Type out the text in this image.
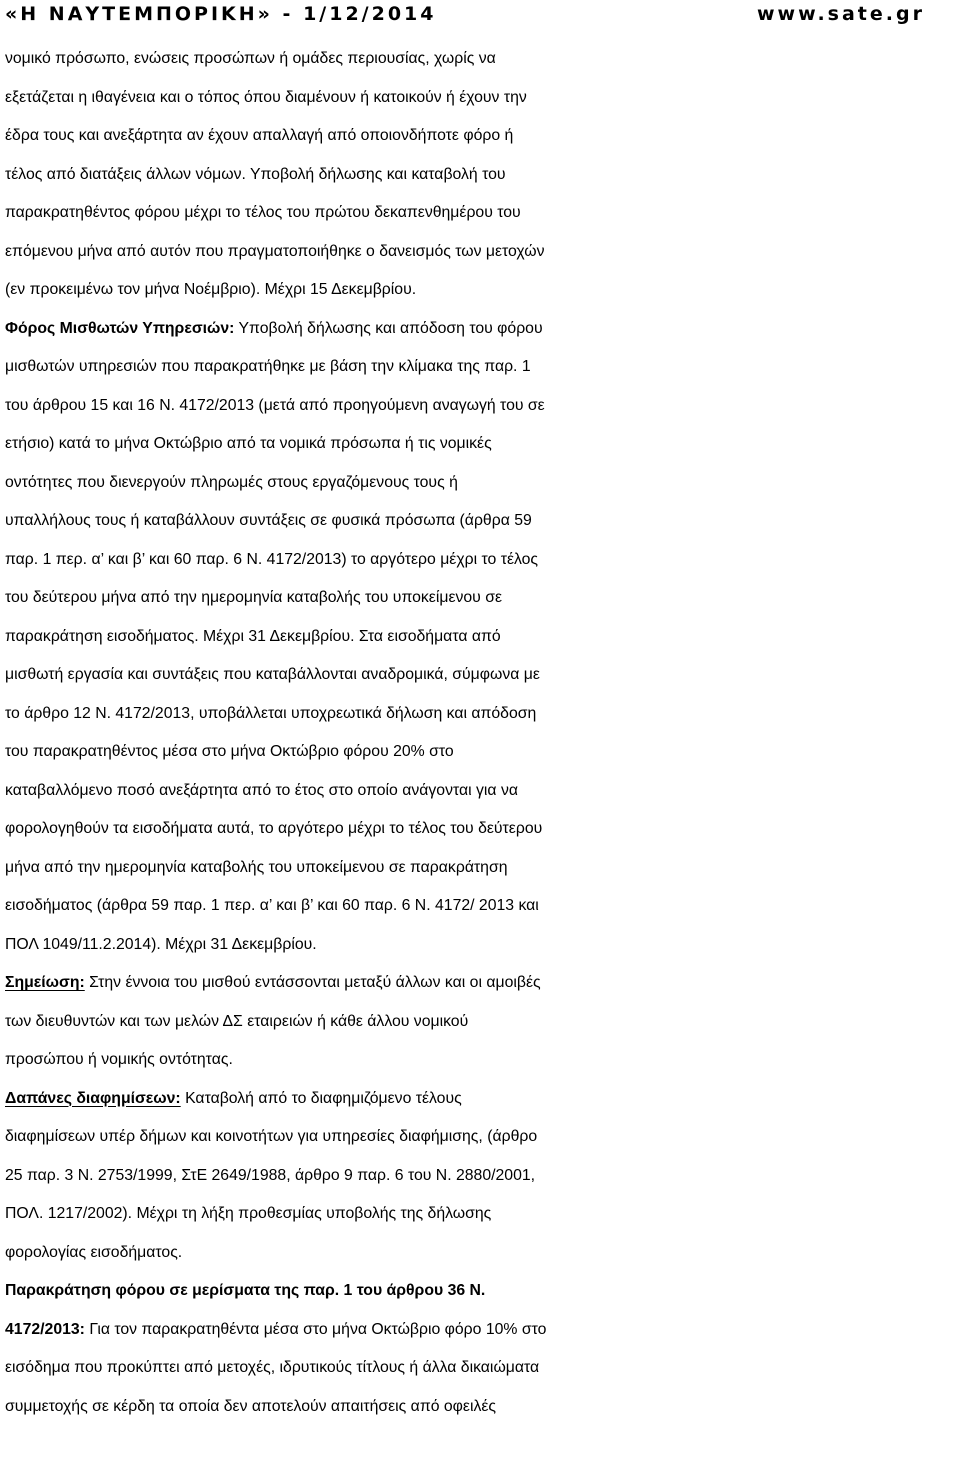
«Η ΝΑΥΤΕΜΠΟΡΙΚΗ» - 1/12/2014	www.sate.gr
νομικό πρόσωπο, ενώσεις προσώπων ή ομάδες περιουσίας, χωρίς να
εξετάζεται η ιθαγένεια και ο τόπος όπου διαμένουν ή κατοικούν ή έχουν την
έδρα τους και ανεξάρτητα αν έχουν απαλλαγή από οποιονδήποτε φόρο ή
τέλος από διατάξεις άλλων νόμων. Υποβολή δήλωσης και καταβολή του
παρακρατηθέντος φόρου μέχρι το τέλος του πρώτου δεκαπενθημέρου του
επόμενου μήνα από αυτόν που πραγματοποιήθηκε ο δανεισμός των μετοχών
(εν προκειμένω τον μήνα Νοέμβριο). Μέχρι 15 Δεκεμβρίου.
Φόρος Μισθωτών Υπηρεσιών: Υποβολή δήλωσης και απόδοση του φόρου
μισθωτών υπηρεσιών που παρακρατήθηκε με βάση την κλίμακα της παρ. 1
του άρθρου 15 και 16 Ν. 4172/2013 (μετά από προηγούμενη αναγωγή του σε
ετήσιο) κατά το μήνα Οκτώβριο από τα νομικά πρόσωπα ή τις νομικές
οντότητες που διενεργούν πληρωμές στους εργαζόμενους τους ή
υπαλλήλους τους ή καταβάλλουν συντάξεις σε φυσικά πρόσωπα (άρθρα 59
παρ. 1 περ. α’ και β’ και 60 παρ. 6 Ν. 4172/2013) το αργότερο μέχρι το τέλος
του δεύτερου μήνα από την ημερομηνία καταβολής του υποκείμενου σε
παρακράτηση εισοδήματος. Μέχρι 31 Δεκεμβρίου. Στα εισοδήματα από
μισθωτή εργασία και συντάξεις που καταβάλλονται αναδρομικά, σύμφωνα με
το άρθρο 12 Ν. 4172/2013, υποβάλλεται υποχρεωτικά δήλωση και απόδοση
του παρακρατηθέντος μέσα στο μήνα Οκτώβριο φόρου 20% στο
καταβαλλόμενο ποσό ανεξάρτητα από το έτος στο οποίο ανάγονται για να
φορολογηθούν τα εισοδήματα αυτά, το αργότερο μέχρι το τέλος του δεύτερου
μήνα από την ημερομηνία καταβολής του υποκείμενου σε παρακράτηση
εισοδήματος (άρθρα 59 παρ. 1 περ. α’ και β’ και 60 παρ. 6 Ν. 4172/ 2013 και
ΠΟΛ 1049/11.2.2014). Μέχρι 31 Δεκεμβρίου.
Σημείωση: Στην έννοια του μισθού εντάσσονται μεταξύ άλλων και οι αμοιβές
των διευθυντών και των μελών ΔΣ εταιρειών ή κάθε άλλου νομικού
προσώπου ή νομικής οντότητας.
Δαπάνες διαφημίσεων: Καταβολή από το διαφημιζόμενο τέλους
διαφημίσεων υπέρ δήμων και κοινοτήτων για υπηρεσίες διαφήμισης, (άρθρο
25 παρ. 3 Ν. 2753/1999, ΣτΕ 2649/1988, άρθρο 9 παρ. 6 του Ν. 2880/2001,
ΠΟΛ. 1217/2002). Μέχρι τη λήξη προθεσμίας υποβολής της δήλωσης
φορολογίας εισοδήματος.
Παρακράτηση φόρου σε μερίσματα της παρ. 1 του άρθρου 36 Ν.
4172/2013: Για τον παρακρατηθέντα μέσα στο μήνα Οκτώβριο φόρο 10% στο
εισόδημα που προκύπτει από μετοχές, ιδρυτικούς τίτλους ή άλλα δικαιώματα
συμμετοχής σε κέρδη τα οποία δεν αποτελούν απαιτήσεις από οφειλές
